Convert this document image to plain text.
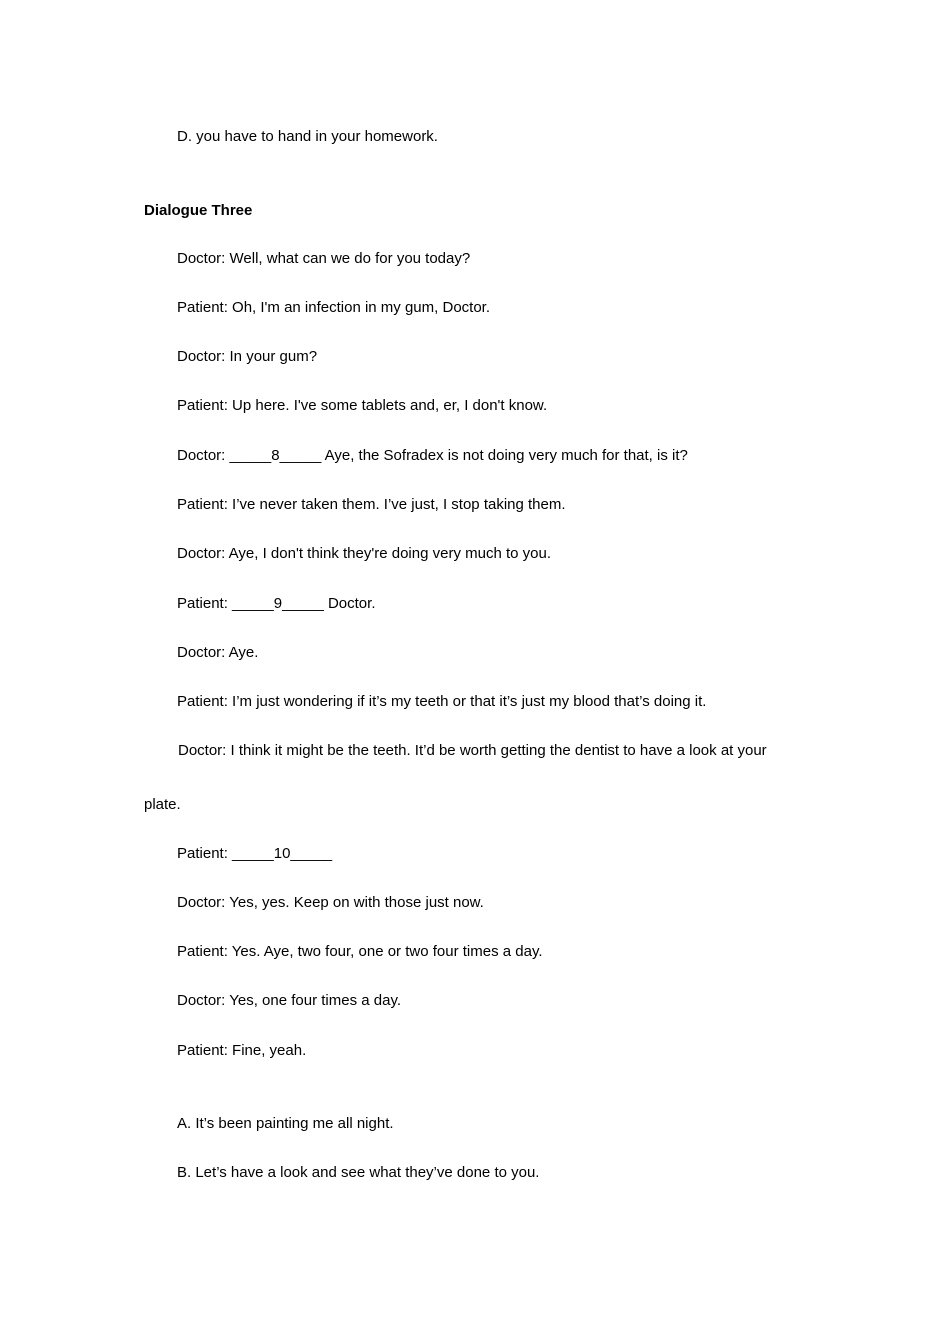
D. you have to hand in your homework.
Dialogue Three
Doctor: Well, what can we do for you today?
Patient: Oh, I'm an infection in my gum, Doctor.
Doctor: In your gum?
Patient: Up here. I've some tablets and, er, I don't know.
Doctor: _____8_____ Aye, the Sofradex is not doing very much for that, is it?
Patient: I’ve never taken them. I’ve just, I stop taking them.
Doctor: Aye, I don't think they're doing very much to you.
Patient: _____9_____ Doctor.
Doctor: Aye.
Patient: I’m just wondering if it’s my teeth or that it’s just my blood that’s doing it.
Doctor: I think it might be the teeth. It’d be worth getting the dentist to have a look at your
plate.
Patient: _____10_____
Doctor: Yes, yes. Keep on with those just now.
Patient: Yes. Aye, two four, one or two four times a day.
Doctor: Yes, one four times a day.
Patient: Fine, yeah.
A. It’s been painting me all night.
B. Let’s have a look and see what they’ve done to you.
